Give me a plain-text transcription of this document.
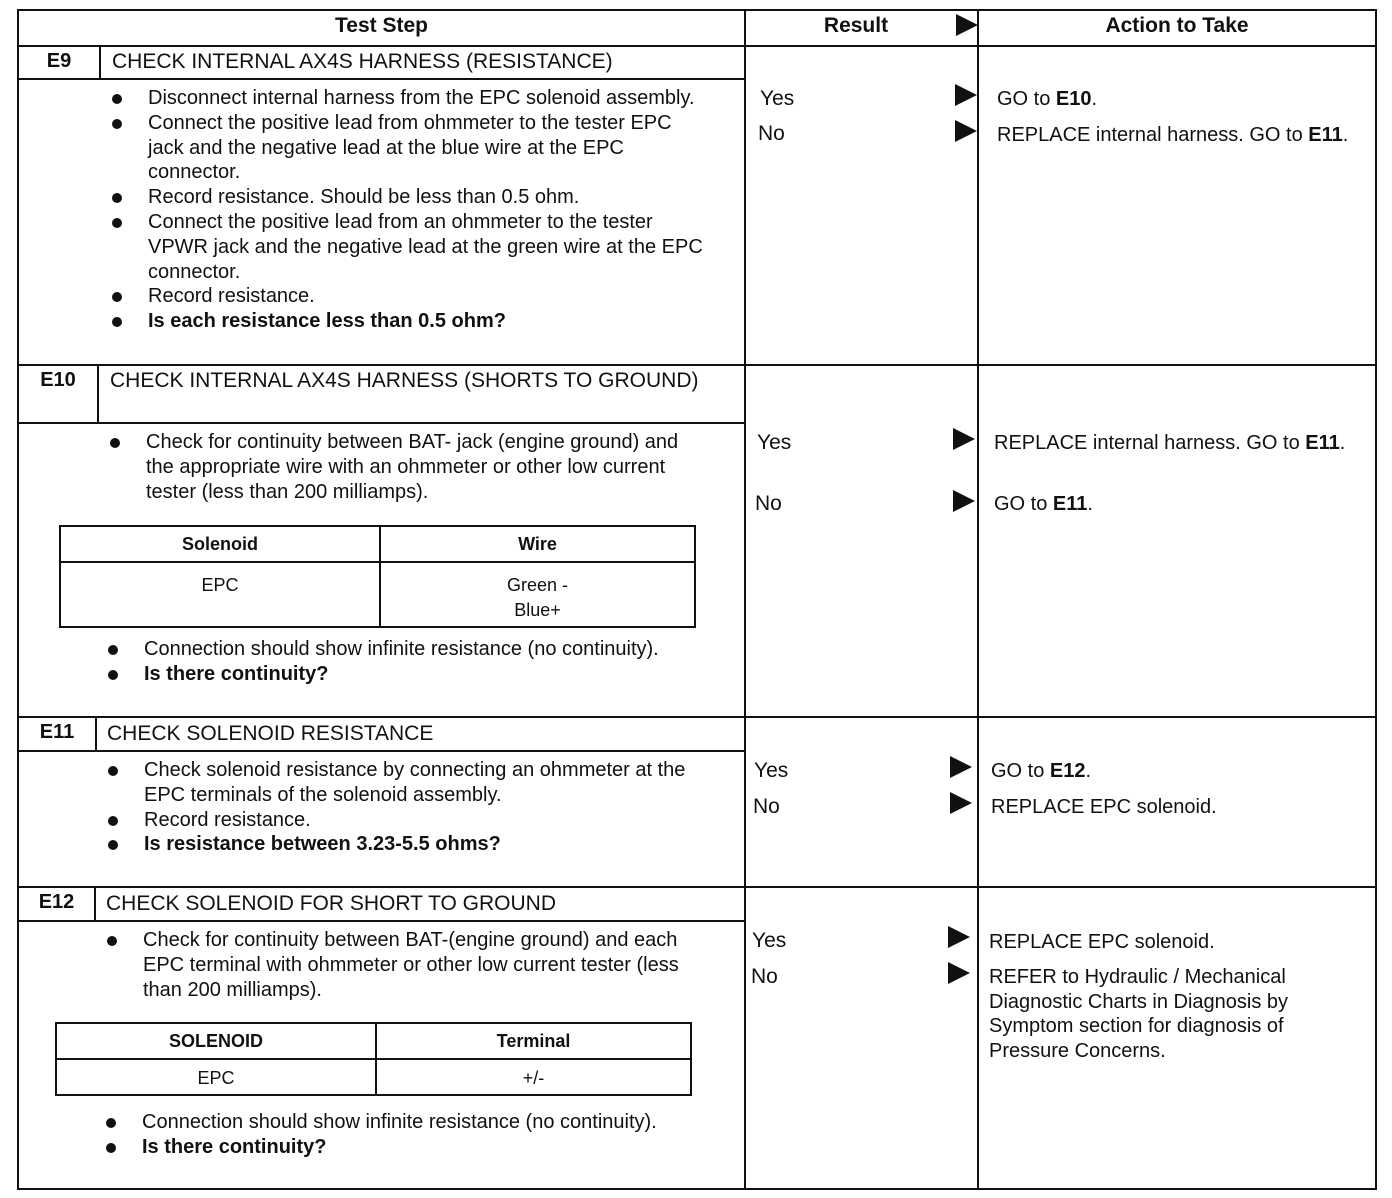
Test Step	Result	Action to Take
E9	CHECK INTERNAL AX4S HARNESS (RESISTANCE)
Disconnect internal harness from the EPC solenoid assembly.
Connect the positive lead from ohmmeter to the tester EPC jack and the negative lead at the blue wire at the EPC connector.
Record resistance. Should be less than 0.5 ohm.
Connect the positive lead from an ohmmeter to the tester VPWR jack and the negative lead at the green wire at the EPC connector.
Record resistance.
Is each resistance less than 0.5 ohm?
Yes	GO to E10.
No	REPLACE internal harness. GO to E11.
E10	CHECK INTERNAL AX4S HARNESS (SHORTS TO GROUND)
Check for continuity between BAT- jack (engine ground) and the appropriate wire with an ohmmeter or other low current tester (less than 200 milliamps).
Solenoid	Wire
EPC	Green -
Blue+
Connection should show infinite resistance (no continuity).
Is there continuity?
Yes	REPLACE internal harness. GO to E11.
No	GO to E11.
E11	CHECK SOLENOID RESISTANCE
Check solenoid resistance by connecting an ohmmeter at the EPC terminals of the solenoid assembly.
Record resistance.
Is resistance between 3.23-5.5 ohms?
Yes	GO to E12.
No	REPLACE EPC solenoid.
E12	CHECK SOLENOID FOR SHORT TO GROUND
Check for continuity between BAT-(engine ground) and each EPC terminal with ohmmeter or other low current tester (less than 200 milliamps).
SOLENOID	Terminal
EPC	+/-
Connection should show infinite resistance (no continuity).
Is there continuity?
Yes	REPLACE EPC solenoid.
No	REFER to Hydraulic / Mechanical Diagnostic Charts in Diagnosis by Symptom section for diagnosis of Pressure Concerns.
